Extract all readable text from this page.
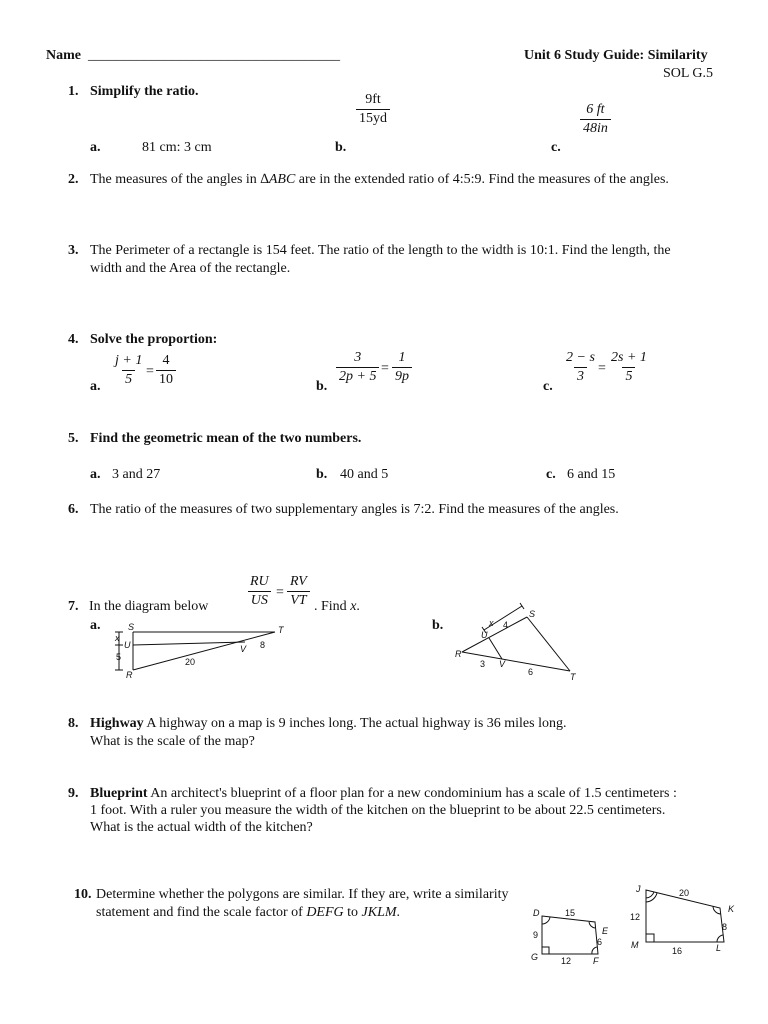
Name ____________________________________	Unit 6 Study Guide: Similarity
SOL G.5
1. Simplify the ratio.
a.	81 cm: 3 cm	b.
$\frac{9ft}{15yd}$
c.
$\frac{6 ft}{48in}$
2. The measures of the angles in ∆ABC are in the extended ratio of 4:5:9. Find the measures of the angles.
3. The Perimeter of a rectangle is 154 feet. The ratio of the length to the width is 10:1. Find the length, the
width and the Area of the rectangle.
4. Solve the proportion:
a. $\frac{j + 1}{5} = \frac{4}{10}$	b.
$\frac{3}{2p + 5} = \frac{1}{9p}$
c.
$\frac{2 - s}{3} = \frac{2s + 1}{5}$
5. Find the geometric mean of the two numbers.
a. 3 and 27	b. 40 and 5	c. 6 and 15
6. The ratio of the measures of two supplementary angles is 7:2. Find the measures of the angles.
7. In the diagram below	$\frac{RU}{US} = \frac{RV}{VT}$ . Find x.
a.	b.
S	T
U
R
V
x
5	20
8
S
T
U
R
V
x 4
3
6
8. Highway A highway on a map is 9 inches long. The actual highway is 36 miles long.
What is the scale of the map?
9. Blueprint An architect's blueprint of a floor plan for a new condominium has a scale of 1.5 centimeters :
1 foot. With a ruler you measure the width of the kitchen on the blueprint to be about 22.5 centimeters.
What is the actual width of the kitchen?
10. Determine whether the polygons are similar. If they are, write a similarity
statement and find the scale factor of DEFG to JKLM.	D
E
F
G
15
9
6
12
J
K
L
M
20
12
8
16
